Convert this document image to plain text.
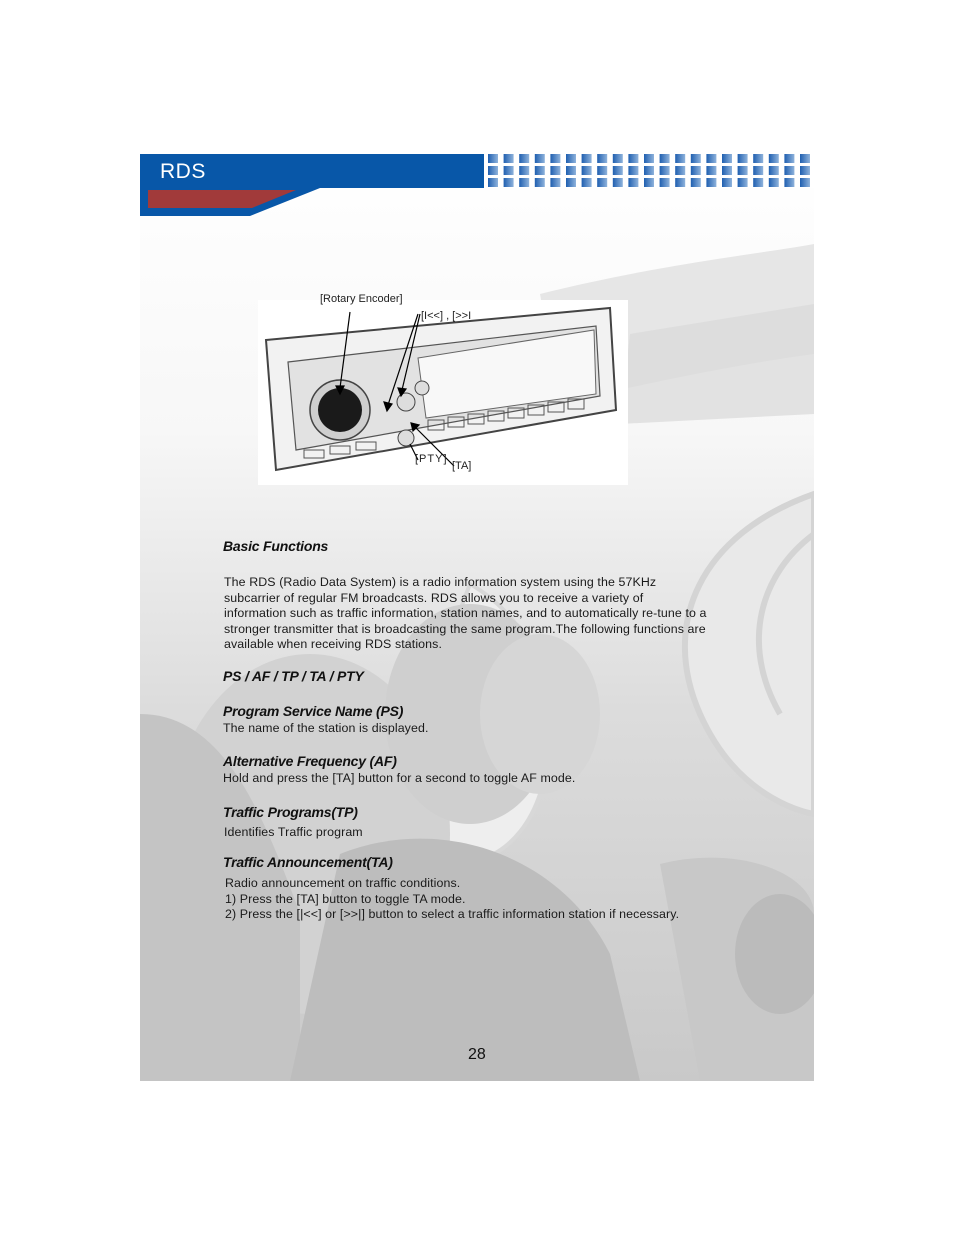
RDS
[Rotary Encoder]
[I<<] , [>>I
[PTY]
[TA]
Basic Functions
The RDS (Radio Data System) is a radio information system using the 57KHz
subcarrier of regular FM broadcasts. RDS allows you to receive a variety of
information such as traffic information, station names, and to automatically re-tune to a
stronger transmitter that is broadcasting the same program.The following functions are
available when receiving RDS stations.
PS / AF / TP / TA / PTY
Program Service Name (PS)
The name of the station is displayed.
Alternative Frequency (AF)
Hold and press the [TA] button for a second to toggle AF mode.
Traffic Programs(TP)
Identifies Traffic program
Traffic Announcement(TA)
Radio announcement on traffic conditions.
1) Press the [TA] button to toggle TA mode.
2) Press the [|<<] or [>>|] button to select a traffic information station if necessary.
28
